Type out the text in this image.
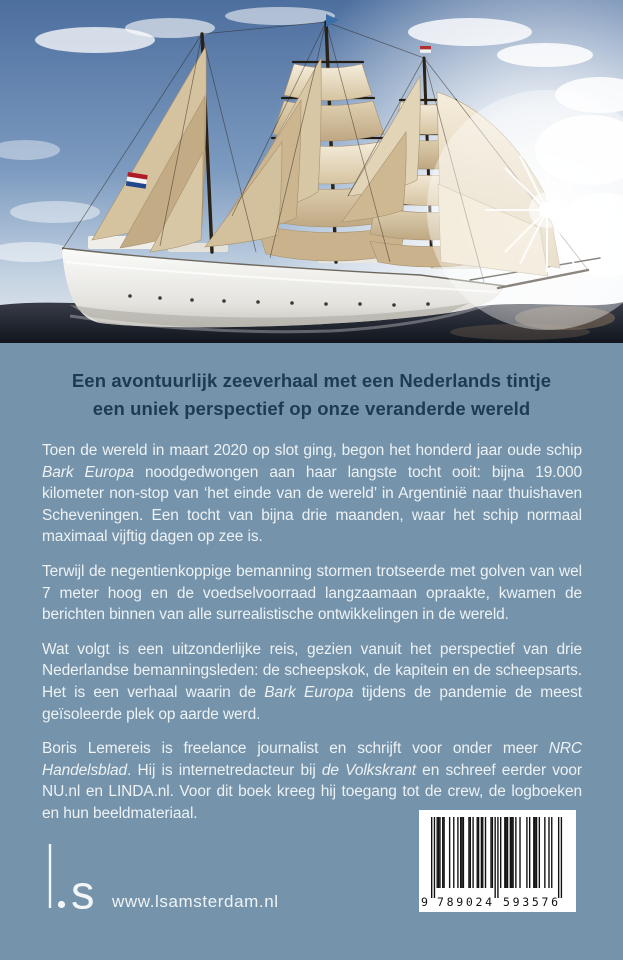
Een avontuurlijk zeeverhaal met een Nederlands tintje
een uniek perspectief op onze veranderde wereld

Toen de wereld in maart 2020 op slot ging, begon het honderd jaar oude schip Bark Europa noodgedwongen aan haar langste tocht ooit: bijna 19.000 kilometer non-stop van ‘het einde van de wereld’ in Argentinië naar thuishaven Scheveningen. Een tocht van bijna drie maanden, waar het schip normaal maximaal vijftig dagen op zee is.

Terwijl de negentienkoppige bemanning stormen trotseerde met golven van wel 7 meter hoog en de voedselvoorraad langzaamaan opraakte, kwamen de berichten binnen van alle surrealistische ontwikkelingen in de wereld.

Wat volgt is een uitzonderlijke reis, gezien vanuit het perspectief van drie Nederlandse bemanningsleden: de scheepskok, de kapitein en de scheepsarts. Het is een verhaal waarin de Bark Europa tijdens de pandemie de meest geïsoleerde plek op aarde werd.

Boris Lemereis is freelance journalist en schrijft voor onder meer NRC Handelsblad. Hij is internetredacteur bij de Volkskrant en schreef eerder voor NU.nl en LINDA.nl. Voor dit boek kreeg hij toegang tot de crew, de logboeken en hun beeldmateriaal.

s www.lsamsterdam.nl	9 789024 593576
